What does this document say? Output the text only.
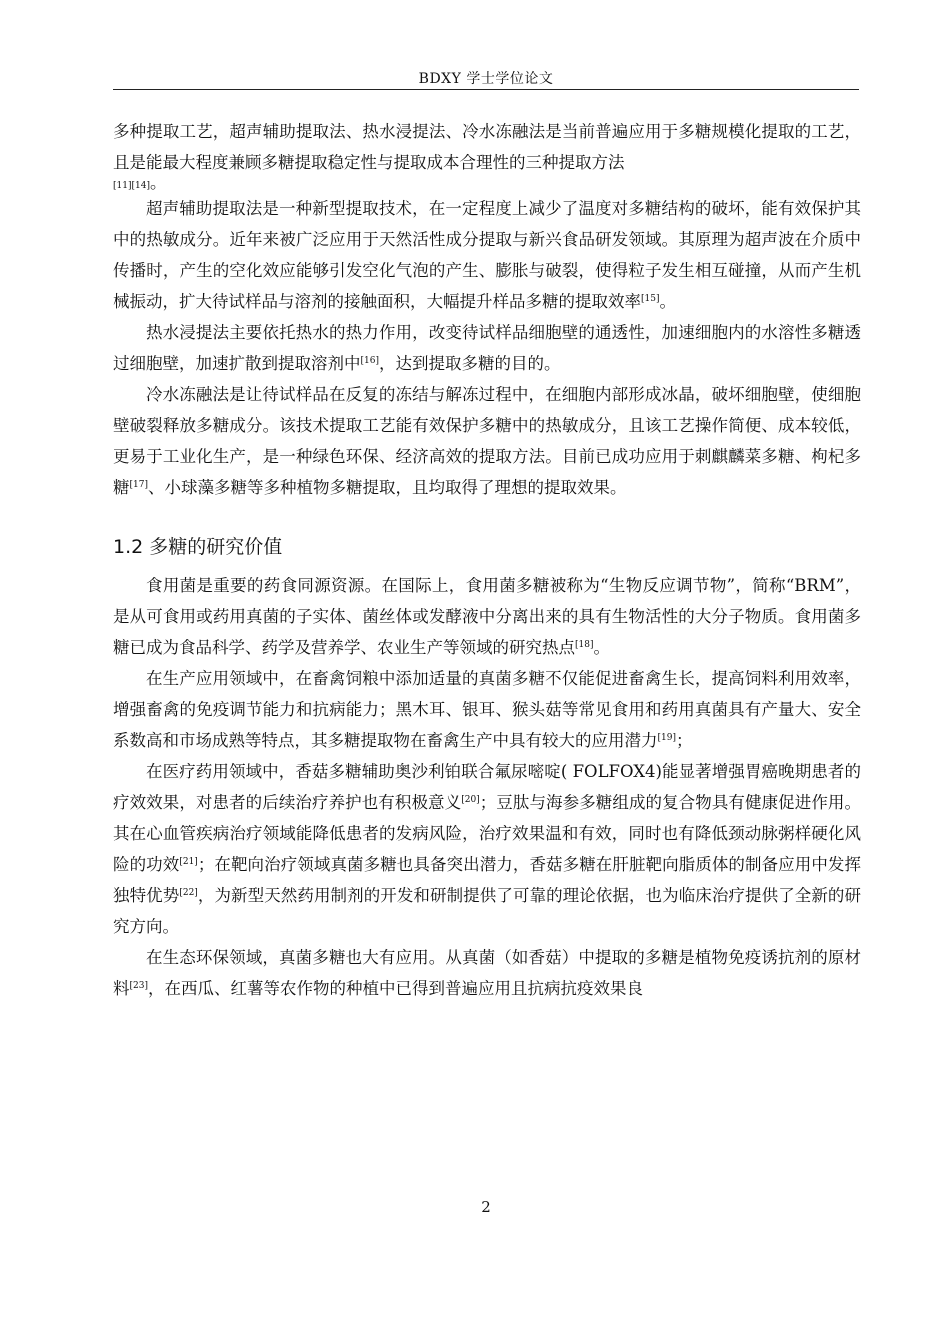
BDXY 学士学位论文

多种提取工艺，超声辅助提取法、热水浸提法、冷水冻融法是当前普遍应用于多糖规模化提取的工艺，且是能最大程度兼顾多糖提取稳定性与提取成本合理性的三种提取方法
[11][14]。

超声辅助提取法是一种新型提取技术，在一定程度上减少了温度对多糖结构的破坏，能有效保护其中的热敏成分。近年来被广泛应用于天然活性成分提取与新兴食品研发领域。其原理为超声波在介质中传播时，产生的空化效应能够引发空化气泡的产生、膨胀与破裂，使得粒子发生相互碰撞，从而产生机械振动，扩大待试样品与溶剂的接触面积，大幅提升样品多糖的提取效率[15]。

热水浸提法主要依托热水的热力作用，改变待试样品细胞壁的通透性，加速细胞内的水溶性多糖透过细胞壁，加速扩散到提取溶剂中[16]，达到提取多糖的目的。

冷水冻融法是让待试样品在反复的冻结与解冻过程中，在细胞内部形成冰晶，破坏细胞壁，使细胞壁破裂释放多糖成分。该技术提取工艺能有效保护多糖中的热敏成分，且该工艺操作简便、成本较低，更易于工业化生产，是一种绿色环保、经济高效的提取方法。目前已成功应用于刺麒麟菜多糖、枸杞多糖[17]、小球藻多糖等多种植物多糖提取，且均取得了理想的提取效果。

1.2 多糖的研究价值

食用菌是重要的药食同源资源。在国际上，食用菌多糖被称为“生物反应调节物”，简称“BRM”，是从可食用或药用真菌的子实体、菌丝体或发酵液中分离出来的具有生物活性的大分子物质。食用菌多糖已成为食品科学、药学及营养学、农业生产等领域的研究热点[18]。

在生产应用领域中，在畜禽饲粮中添加适量的真菌多糖不仅能促进畜禽生长，提高饲料利用效率，增强畜禽的免疫调节能力和抗病能力；黑木耳、银耳、猴头菇等常见食用和药用真菌具有产量大、安全系数高和市场成熟等特点，其多糖提取物在畜禽生产中具有较大的应用潜力[19]；

在医疗药用领域中，香菇多糖辅助奥沙利铂联合氟尿嘧啶( FOLFOX4)能显著增强胃癌晚期患者的疗效效果，对患者的后续治疗养护也有积极意义[20]；豆肽与海参多糖组成的复合物具有健康促进作用。其在心血管疾病治疗领域能降低患者的发病风险，治疗效果温和有效，同时也有降低颈动脉粥样硬化风险的功效[21]；在靶向治疗领域真菌多糖也具备突出潜力，香菇多糖在肝脏靶向脂质体的制备应用中发挥独特优势[22]，为新型天然药用制剂的开发和研制提供了可靠的理论依据，也为临床治疗提供了全新的研究方向。

在生态环保领域，真菌多糖也大有应用。从真菌（如香菇）中提取的多糖是植物免疫诱抗剂的原材料[23]，在西瓜、红薯等农作物的种植中已得到普遍应用且抗病抗疫效果良

2
